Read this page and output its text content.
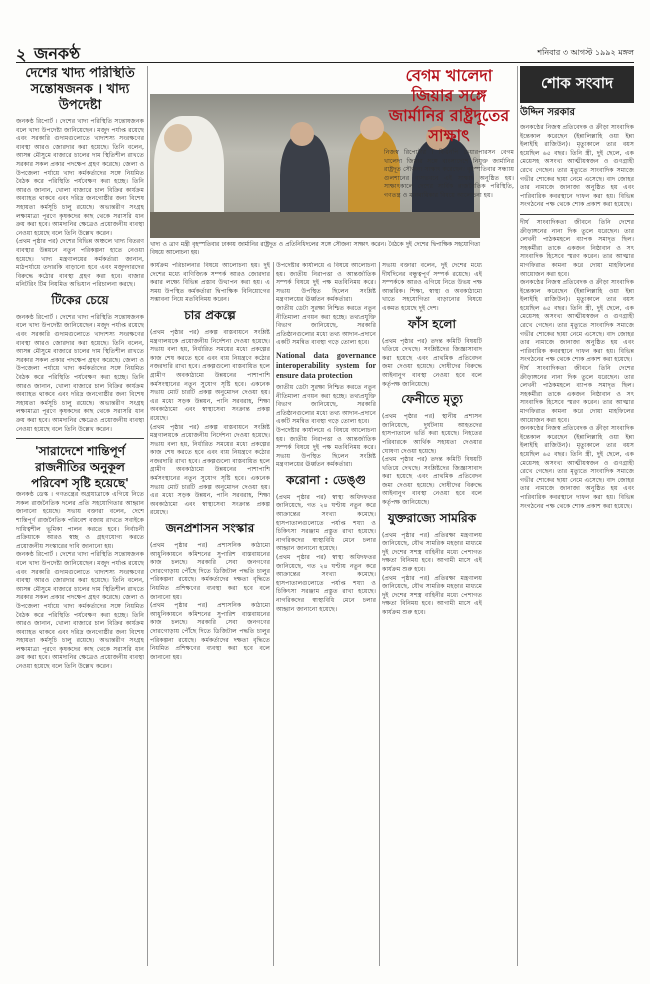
২ জনকণ্ঠ	শনিবার ৩ আগস্ট ১৯৯২ মঙ্গল
দেশের খাদ্য পরিস্থিতি সন্তোষজনক । খাদ্য উপদেষ্টা

জনকণ্ঠ রিপোর্ট । দেশের খাদ্য পরিস্থিতি সন্তোষজনক বলে খাদ্য উপদেষ্টা জানিয়েছেন। মজুদ পর্যাপ্ত রয়েছে এবং সরকারি গুদামগুলোতে খাদ্যশস্য সংরক্ষণের ব্যবস্থা আরও জোরদার করা হয়েছে। তিনি বলেন, আসন্ন মৌসুমে বাজারে চালের দাম স্থিতিশীল রাখতে সরকার সকল প্রকার পদক্ষেপ গ্রহণ করেছে। জেলা ও উপজেলা পর্যায়ে খাদ্য কর্মকর্তাদের সঙ্গে নিয়মিত বৈঠক করে পরিস্থিতি পর্যবেক্ষণ করা হচ্ছে। তিনি আরও জানান, খোলা বাজারে চাল বিক্রির কার্যক্রম অব্যাহত থাকবে এবং দরিদ্র জনগোষ্ঠীর জন্য বিশেষ সহায়তা কর্মসূচি চালু রয়েছে। অভ্যন্তরীণ সংগ্রহ লক্ষ্যমাত্রা পূরণে কৃষকদের কাছ থেকে সরাসরি ধান ক্রয় করা হবে। আমদানির ক্ষেত্রেও প্রয়োজনীয় ব্যবস্থা নেওয়া হয়েছে বলে তিনি উল্লেখ করেন।

(প্রথম পৃষ্ঠার পর) দেশের বিভিন্ন অঞ্চলে খাদ্য বিতরণ ব্যবস্থার উন্নয়নে নতুন পরিকল্পনা হাতে নেওয়া হয়েছে। খাদ্য মন্ত্রণালয়ের কর্মকর্তারা জানান, মাঠপর্যায়ে তদারকি বাড়ানো হবে এবং মজুদদারদের বিরুদ্ধে কঠোর ব্যবস্থা গ্রহণ করা হবে। বাজার মনিটরিং টিম নিয়মিত অভিযান পরিচালনা করছে।

টিকের চেয়ে

জনকণ্ঠ রিপোর্ট । দেশের খাদ্য পরিস্থিতি সন্তোষজনক বলে খাদ্য উপদেষ্টা জানিয়েছেন। মজুদ পর্যাপ্ত রয়েছে এবং সরকারি গুদামগুলোতে খাদ্যশস্য সংরক্ষণের ব্যবস্থা আরও জোরদার করা হয়েছে। তিনি বলেন, আসন্ন মৌসুমে বাজারে চালের দাম স্থিতিশীল রাখতে সরকার সকল প্রকার পদক্ষেপ গ্রহণ করেছে। জেলা ও উপজেলা পর্যায়ে খাদ্য কর্মকর্তাদের সঙ্গে নিয়মিত বৈঠক করে পরিস্থিতি পর্যবেক্ষণ করা হচ্ছে। তিনি আরও জানান, খোলা বাজারে চাল বিক্রির কার্যক্রম অব্যাহত থাকবে এবং দরিদ্র জনগোষ্ঠীর জন্য বিশেষ সহায়তা কর্মসূচি চালু রয়েছে। অভ্যন্তরীণ সংগ্রহ লক্ষ্যমাত্রা পূরণে কৃষকদের কাছ থেকে সরাসরি ধান ক্রয় করা হবে। আমদানির ক্ষেত্রেও প্রয়োজনীয় ব্যবস্থা নেওয়া হয়েছে বলে তিনি উল্লেখ করেন।

'সারাদেশে শান্তিপূর্ণ রাজনীতির অনুকূল পরিবেশ সৃষ্টি হয়েছে'

জনকণ্ঠ ডেস্ক । গণতন্ত্রের অগ্রযাত্রাকে এগিয়ে নিতে সকল রাজনৈতিক দলের প্রতি সহযোগিতার আহ্বান জানানো হয়েছে। সভায় বক্তারা বলেন, দেশে শান্তিপূর্ণ রাজনৈতিক পরিবেশ বজায় রাখতে সবাইকে দায়িত্বশীল ভূমিকা পালন করতে হবে। নির্বাচনী প্রক্রিয়াকে আরও স্বচ্ছ ও গ্রহণযোগ্য করতে প্রয়োজনীয় সংস্কারের দাবি জানানো হয়।

জনকণ্ঠ রিপোর্ট । দেশের খাদ্য পরিস্থিতি সন্তোষজনক বলে খাদ্য উপদেষ্টা জানিয়েছেন। মজুদ পর্যাপ্ত রয়েছে এবং সরকারি গুদামগুলোতে খাদ্যশস্য সংরক্ষণের ব্যবস্থা আরও জোরদার করা হয়েছে। তিনি বলেন, আসন্ন মৌসুমে বাজারে চালের দাম স্থিতিশীল রাখতে সরকার সকল প্রকার পদক্ষেপ গ্রহণ করেছে। জেলা ও উপজেলা পর্যায়ে খাদ্য কর্মকর্তাদের সঙ্গে নিয়মিত বৈঠক করে পরিস্থিতি পর্যবেক্ষণ করা হচ্ছে। তিনি আরও জানান, খোলা বাজারে চাল বিক্রির কার্যক্রম অব্যাহত থাকবে এবং দরিদ্র জনগোষ্ঠীর জন্য বিশেষ সহায়তা কর্মসূচি চালু রয়েছে। অভ্যন্তরীণ সংগ্রহ লক্ষ্যমাত্রা পূরণে কৃষকদের কাছ থেকে সরাসরি ধান ক্রয় করা হবে। আমদানির ক্ষেত্রেও প্রয়োজনীয় ব্যবস্থা নেওয়া হয়েছে বলে তিনি উল্লেখ করেন।

খাদ্য ও ত্রাণ মন্ত্রী বৃহস্পতিবার ঢাকায় জার্মানির রাষ্ট্রদূত ও প্রতিনিধিদলের সঙ্গে সৌজন্য সাক্ষাৎ করেন। বৈঠকে দুই দেশের দ্বিপাক্ষিক সহযোগিতা বিষয়ে আলোচনা হয়।

কার্যক্রম পরিচালনার বিষয়ে আলোচনা হয়। দুই দেশের মধ্যে বাণিজ্যিক সম্পর্ক আরও জোরদার করার লক্ষ্যে বিভিন্ন প্রস্তাব উত্থাপন করা হয়। এ সময় উপস্থিত কর্মকর্তারা দ্বিপাক্ষিক বিনিয়োগের সম্ভাবনা নিয়ে মতবিনিময় করেন।

চার প্রকল্পে

(প্রথম পৃষ্ঠার পর) প্রকল্প বাস্তবায়নে সংশ্লিষ্ট মন্ত্রণালয়কে প্রয়োজনীয় নির্দেশনা দেওয়া হয়েছে। সভায় বলা হয়, নির্ধারিত সময়ের মধ্যে প্রকল্পের কাজ শেষ করতে হবে এবং ব্যয় নিয়ন্ত্রণে কঠোর নজরদারি রাখা হবে। প্রকল্পগুলো বাস্তবায়িত হলে গ্রামীণ অবকাঠামো উন্নয়নের পাশাপাশি কর্মসংস্থানের নতুন সুযোগ সৃষ্টি হবে। একনেক সভায় মোট চারটি প্রকল্প অনুমোদন দেওয়া হয়। এর মধ্যে সড়ক উন্নয়ন, পানি সরবরাহ, শিক্ষা অবকাঠামো এবং স্বাস্থ্যসেবা সংক্রান্ত প্রকল্প রয়েছে।

(প্রথম পৃষ্ঠার পর) প্রকল্প বাস্তবায়নে সংশ্লিষ্ট মন্ত্রণালয়কে প্রয়োজনীয় নির্দেশনা দেওয়া হয়েছে। সভায় বলা হয়, নির্ধারিত সময়ের মধ্যে প্রকল্পের কাজ শেষ করতে হবে এবং ব্যয় নিয়ন্ত্রণে কঠোর নজরদারি রাখা হবে। প্রকল্পগুলো বাস্তবায়িত হলে গ্রামীণ অবকাঠামো উন্নয়নের পাশাপাশি কর্মসংস্থানের নতুন সুযোগ সৃষ্টি হবে। একনেক সভায় মোট চারটি প্রকল্প অনুমোদন দেওয়া হয়। এর মধ্যে সড়ক উন্নয়ন, পানি সরবরাহ, শিক্ষা অবকাঠামো এবং স্বাস্থ্যসেবা সংক্রান্ত প্রকল্প রয়েছে।

জনপ্রশাসন সংস্কার

(প্রথম পৃষ্ঠার পর) প্রশাসনিক কাঠামো আধুনিকায়নে কমিশনের সুপারিশ বাস্তবায়নের কাজ চলছে। সরকারি সেবা জনগণের দোরগোড়ায় পৌঁছে দিতে ডিজিটাল পদ্ধতি চালুর পরিকল্পনা রয়েছে। কর্মকর্তাদের দক্ষতা বৃদ্ধিতে নিয়মিত প্রশিক্ষণের ব্যবস্থা করা হবে বলে জানানো হয়।

(প্রথম পৃষ্ঠার পর) প্রশাসনিক কাঠামো আধুনিকায়নে কমিশনের সুপারিশ বাস্তবায়নের কাজ চলছে। সরকারি সেবা জনগণের দোরগোড়ায় পৌঁছে দিতে ডিজিটাল পদ্ধতি চালুর পরিকল্পনা রয়েছে। কর্মকর্তাদের দক্ষতা বৃদ্ধিতে নিয়মিত প্রশিক্ষণের ব্যবস্থা করা হবে বলে জানানো হয়।

উপদেষ্টার কার্যালয়ে এ বিষয়ে আলোচনা হয়। জাতীয় নিরাপত্তা ও আন্তর্জাতিক সম্পর্ক বিষয়ে দুই পক্ষ মতবিনিময় করে। সভায় উপস্থিত ছিলেন সংশ্লিষ্ট মন্ত্রণালয়ের ঊর্ধ্বতন কর্মকর্তারা।

জাতীয় ডেটা সুরক্ষা নিশ্চিত করতে নতুন নীতিমালা প্রণয়ন করা হচ্ছে। তথ্যপ্রযুক্তি বিভাগ জানিয়েছে, সরকারি প্রতিষ্ঠানগুলোর মধ্যে তথ্য আদান-প্রদানে একটি সমন্বিত ব্যবস্থা গড়ে তোলা হবে।

National data governance interoperability system for ensure data protection

জাতীয় ডেটা সুরক্ষা নিশ্চিত করতে নতুন নীতিমালা প্রণয়ন করা হচ্ছে। তথ্যপ্রযুক্তি বিভাগ জানিয়েছে, সরকারি প্রতিষ্ঠানগুলোর মধ্যে তথ্য আদান-প্রদানে একটি সমন্বিত ব্যবস্থা গড়ে তোলা হবে।

উপদেষ্টার কার্যালয়ে এ বিষয়ে আলোচনা হয়। জাতীয় নিরাপত্তা ও আন্তর্জাতিক সম্পর্ক বিষয়ে দুই পক্ষ মতবিনিময় করে। সভায় উপস্থিত ছিলেন সংশ্লিষ্ট মন্ত্রণালয়ের ঊর্ধ্বতন কর্মকর্তারা।

করোনা : ডেঙ্গু

(প্রথম পৃষ্ঠার পর) স্বাস্থ্য অধিদফতর জানিয়েছে, গত ২৪ ঘণ্টায় নতুন করে আক্রান্তের সংখ্যা কমেছে। হাসপাতালগুলোতে পর্যাপ্ত শয্যা ও চিকিৎসা সরঞ্জাম প্রস্তুত রাখা হয়েছে। নাগরিকদের স্বাস্থ্যবিধি মেনে চলার আহ্বান জানানো হয়েছে।

(প্রথম পৃষ্ঠার পর) স্বাস্থ্য অধিদফতর জানিয়েছে, গত ২৪ ঘণ্টায় নতুন করে আক্রান্তের সংখ্যা কমেছে। হাসপাতালগুলোতে পর্যাপ্ত শয্যা ও চিকিৎসা সরঞ্জাম প্রস্তুত রাখা হয়েছে। নাগরিকদের স্বাস্থ্যবিধি মেনে চলার আহ্বান জানানো হয়েছে।

সভায় বক্তারা বলেন, দুই দেশের মধ্যে দীর্ঘদিনের বন্ধুত্বপূর্ণ সম্পর্ক রয়েছে। এই সম্পর্ককে আরও এগিয়ে নিতে উভয় পক্ষ আন্তরিক। শিক্ষা, স্বাস্থ্য ও অবকাঠামো খাতে সহযোগিতা বাড়ানোর বিষয়ে একমত হয়েছে দুই দেশ।

ফাঁস হলো

(প্রথম পৃষ্ঠার পর) তদন্ত কমিটি বিষয়টি খতিয়ে দেখছে। সংশ্লিষ্টদের জিজ্ঞাসাবাদ করা হয়েছে এবং প্রাথমিক প্রতিবেদন জমা দেওয়া হয়েছে। দোষীদের বিরুদ্ধে আইনানুগ ব্যবস্থা নেওয়া হবে বলে কর্তৃপক্ষ জানিয়েছে।

ফেনীতে মৃত্যু

(প্রথম পৃষ্ঠার পর) স্থানীয় প্রশাসন জানিয়েছে, দুর্ঘটনায় আহতদের হাসপাতালে ভর্তি করা হয়েছে। নিহতের পরিবারকে আর্থিক সহায়তা দেওয়ার ঘোষণা দেওয়া হয়েছে।

(প্রথম পৃষ্ঠার পর) তদন্ত কমিটি বিষয়টি খতিয়ে দেখছে। সংশ্লিষ্টদের জিজ্ঞাসাবাদ করা হয়েছে এবং প্রাথমিক প্রতিবেদন জমা দেওয়া হয়েছে। দোষীদের বিরুদ্ধে আইনানুগ ব্যবস্থা নেওয়া হবে বলে কর্তৃপক্ষ জানিয়েছে।

যুক্তরাজ্যে সামরিক

(প্রথম পৃষ্ঠার পর) প্রতিরক্ষা মন্ত্রণালয় জানিয়েছে, যৌথ সামরিক মহড়ার মাধ্যমে দুই দেশের সশস্ত্র বাহিনীর মধ্যে পেশাগত দক্ষতা বিনিময় হবে। আগামী মাসে এই কার্যক্রম শুরু হবে।

(প্রথম পৃষ্ঠার পর) প্রতিরক্ষা মন্ত্রণালয় জানিয়েছে, যৌথ সামরিক মহড়ার মাধ্যমে দুই দেশের সশস্ত্র বাহিনীর মধ্যে পেশাগত দক্ষতা বিনিময় হবে। আগামী মাসে এই কার্যক্রম শুরু হবে।

বেগম খালেদা জিয়ার সঙ্গে জার্মানির রাষ্ট্রদূতের সাক্ষাৎ

নিজস্ব রিপোর্টার । বিএনপি চেয়ারপারসন বেগম খালেদা জিয়ার সঙ্গে বাংলাদেশে নিযুক্ত জার্মানির রাষ্ট্রদূত সৌজন্য সাক্ষাৎ করেছেন। বৃহস্পতিবার সন্ধ্যায় গুলশানের বাসভবনে এই সাক্ষাৎ অনুষ্ঠিত হয়। সাক্ষাৎকালে দেশের সার্বিক রাজনৈতিক পরিস্থিতি, গণতন্ত্র ও মানবাধিকার বিষয়ে আলোচনা হয়।

শোক সংবাদ
উদ্দিন সরকার

জনকণ্ঠের নিজস্ব প্রতিবেদক ও ক্রীড়া সাংবাদিক ইন্তেকাল করেছেন (ইন্নালিল্লাহি ওয়া ইন্না ইলাইহি রাজিউন)। মৃত্যুকালে তার বয়স হয়েছিল ৬৫ বছর। তিনি স্ত্রী, দুই ছেলে, এক মেয়েসহ অসংখ্য আত্মীয়স্বজন ও গুণগ্রাহী রেখে গেছেন। তার মৃত্যুতে সাংবাদিক সমাজে গভীর শোকের ছায়া নেমে এসেছে। বাদ জোহর তার নামাজে জানাজা অনুষ্ঠিত হয় এবং পারিবারিক কবরস্থানে দাফন করা হয়। বিভিন্ন সংগঠনের পক্ষ থেকে শোক প্রকাশ করা হয়েছে।

দীর্ঘ সাংবাদিকতা জীবনে তিনি দেশের ক্রীড়াঙ্গনের নানা দিক তুলে ধরেছেন। তার লেখনী পাঠকমহলে ব্যাপক সমাদৃত ছিল। সহকর্মীরা তাকে একজন নিষ্ঠাবান ও সৎ সাংবাদিক হিসেবে স্মরণ করেন। তার আত্মার মাগফিরাত কামনা করে দোয়া মাহফিলের আয়োজন করা হবে।

জনকণ্ঠের নিজস্ব প্রতিবেদক ও ক্রীড়া সাংবাদিক ইন্তেকাল করেছেন (ইন্নালিল্লাহি ওয়া ইন্না ইলাইহি রাজিউন)। মৃত্যুকালে তার বয়স হয়েছিল ৬৫ বছর। তিনি স্ত্রী, দুই ছেলে, এক মেয়েসহ অসংখ্য আত্মীয়স্বজন ও গুণগ্রাহী রেখে গেছেন। তার মৃত্যুতে সাংবাদিক সমাজে গভীর শোকের ছায়া নেমে এসেছে। বাদ জোহর তার নামাজে জানাজা অনুষ্ঠিত হয় এবং পারিবারিক কবরস্থানে দাফন করা হয়। বিভিন্ন সংগঠনের পক্ষ থেকে শোক প্রকাশ করা হয়েছে।

দীর্ঘ সাংবাদিকতা জীবনে তিনি দেশের ক্রীড়াঙ্গনের নানা দিক তুলে ধরেছেন। তার লেখনী পাঠকমহলে ব্যাপক সমাদৃত ছিল। সহকর্মীরা তাকে একজন নিষ্ঠাবান ও সৎ সাংবাদিক হিসেবে স্মরণ করেন। তার আত্মার মাগফিরাত কামনা করে দোয়া মাহফিলের আয়োজন করা হবে।

জনকণ্ঠের নিজস্ব প্রতিবেদক ও ক্রীড়া সাংবাদিক ইন্তেকাল করেছেন (ইন্নালিল্লাহি ওয়া ইন্না ইলাইহি রাজিউন)। মৃত্যুকালে তার বয়স হয়েছিল ৬৫ বছর। তিনি স্ত্রী, দুই ছেলে, এক মেয়েসহ অসংখ্য আত্মীয়স্বজন ও গুণগ্রাহী রেখে গেছেন। তার মৃত্যুতে সাংবাদিক সমাজে গভীর শোকের ছায়া নেমে এসেছে। বাদ জোহর তার নামাজে জানাজা অনুষ্ঠিত হয় এবং পারিবারিক কবরস্থানে দাফন করা হয়। বিভিন্ন সংগঠনের পক্ষ থেকে শোক প্রকাশ করা হয়েছে।
